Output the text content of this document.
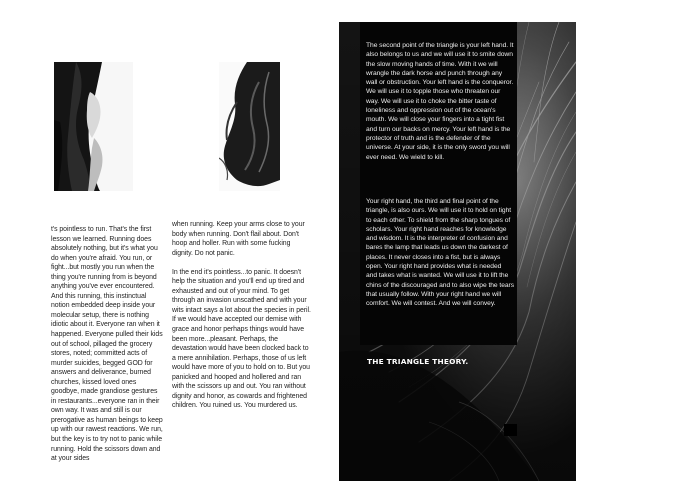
t's pointless to run. That's the first lesson we learned. Running does absolutely nothing, but it's what you do when you're afraid. You run, or fight...but mostly you run when the thing you're running from is beyond anything you've ever encountered. And this running, this instinctual notion embedded deep inside your molecular setup, there is nothing idiotic about it. Everyone ran when it happened. Everyone pulled their kids out of school, pillaged the grocery stores, noted; committed acts of murder suicides, begged GOD for answers and deliverance, burned churches, kissed loved ones goodbye, made grandiose gestures in restaurants...everyone ran in their own way. It was and still is our prerogative as human beings to keep up with our rawest reactions. We run, but the key is to try not to panic while running. Hold the scissors down and at your sides

when running. Keep your arms close to your body when running. Don't flail about. Don't hoop and holler. Run with some fucking dignity. Do not panic.

In the end it's pointless...to panic. It doesn't help the situation and you'll end up tired and exhausted and out of your mind. To get through an invasion unscathed and with your wits intact says a lot about the species in peril. If we would have accepted our demise with grace and honor perhaps things would have been more...pleasant. Perhaps, the devastation would have been clocked back to a mere annihilation. Perhaps, those of us left would have more of you to hold on to. But you panicked and hooped and hollered and ran with the scissors up and out. You ran without dignity and honor, as cowards and frightened children. You ruined us. You murdered us.

The second point of the triangle is your left hand. It also belongs to us and we will use it to smite down the slow moving hands of time. With it we will wrangle the dark horse and punch through any wall or obstruction. Your left hand is the conqueror. We will use it to topple those who threaten our way. We will use it to choke the bitter taste of loneliness and oppression out of the ocean's mouth. We will close your fingers into a tight fist and turn our backs on mercy. Your left hand is the protector of truth and is the defender of the universe. At your side, it is the only sword you will ever need. We wield to kill.
Your right hand, the third and final point of the triangle, is also ours. We will use it to hold on tight to each other. To shield from the sharp tongues of scholars. Your right hand reaches for knowledge and wisdom. It is the interpreter of confusion and bares the lamp that leads us down the darkest of places. It never closes into a fist, but is always open. Your right hand provides what is needed and takes what is wanted. We will use it to lift the chins of the discouraged and to also wipe the tears that usually follow. With your right hand we will comfort. We will contest. And we will convey.
THE TRIANGLE THEORY.
